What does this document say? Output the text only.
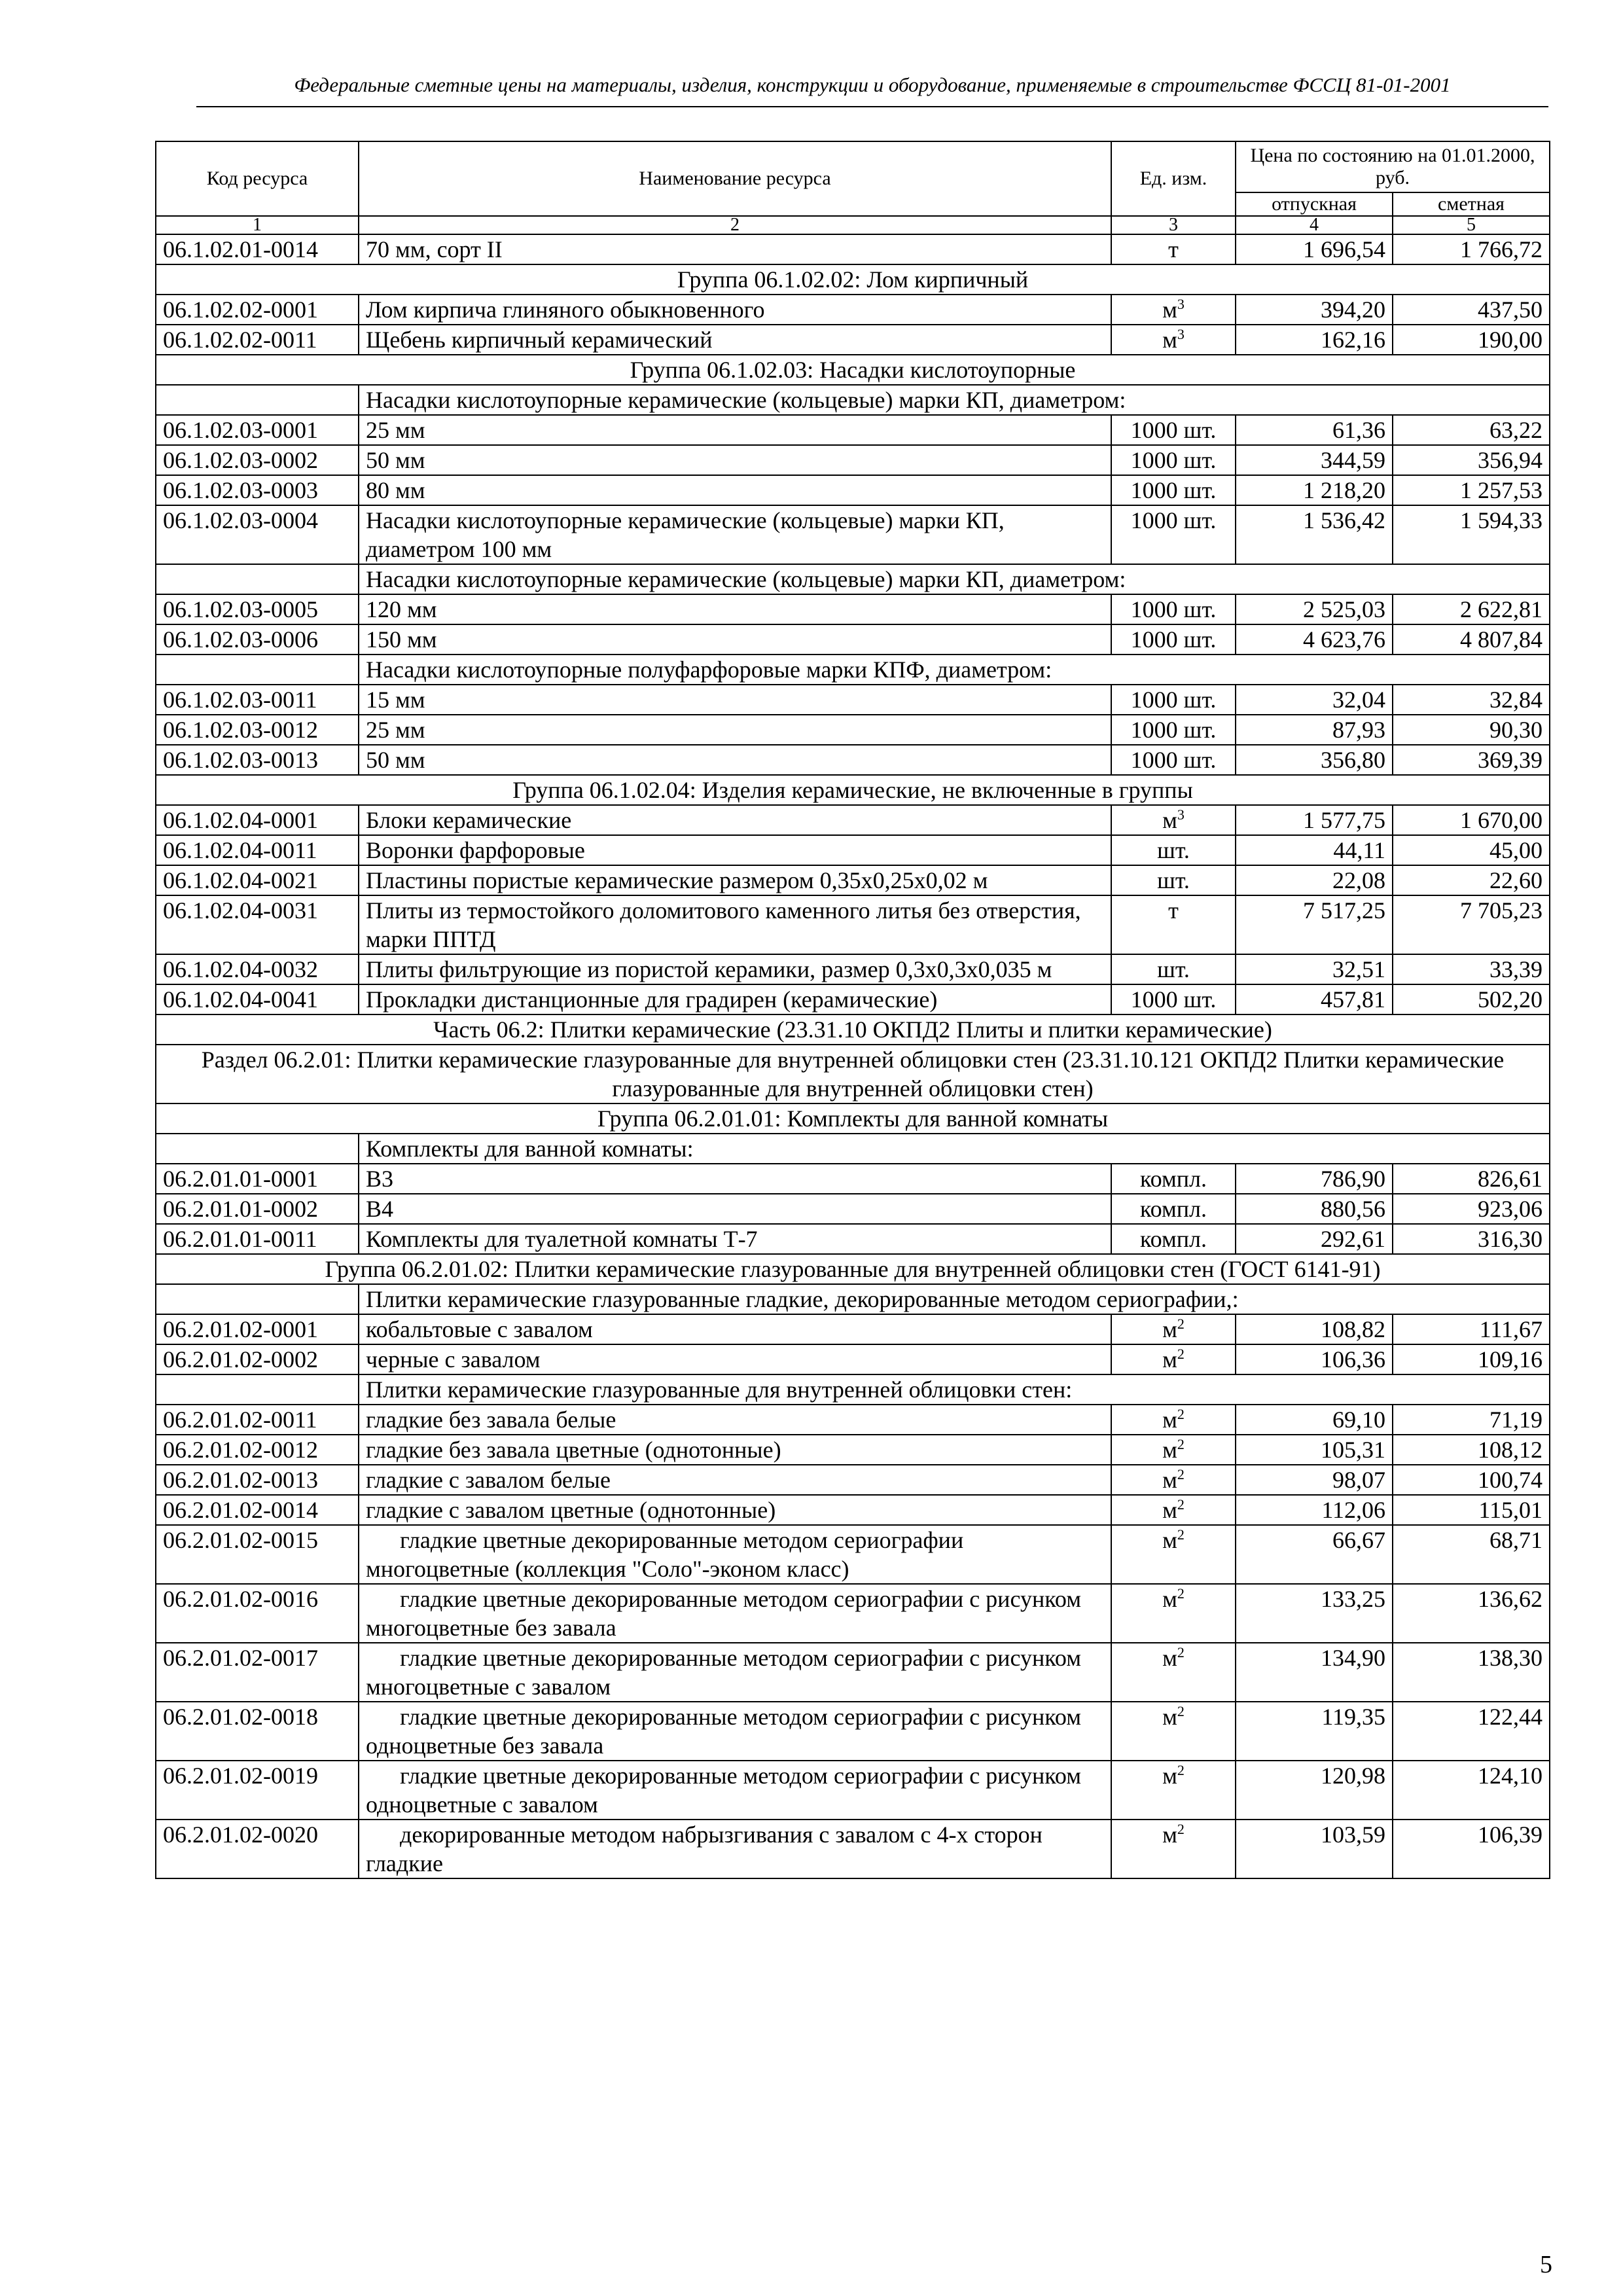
Федеральные сметные цены на материалы, изделия, конструкции и оборудование, применяемые в строительстве ФССЦ 81-01-2001
Код ресурса	Наименование ресурса	Ед. изм.	Цена по состоянию на 01.01.2000, руб.	
			отпускная	сметная
1	2	3	4	5
06.1.02.01-0014	70 мм, сорт II	т	1 696,54	1 766,72
Группа 06.1.02.02: Лом кирпичный				
06.1.02.02-0001	Лом кирпича глиняного обыкновенного	$м^3$	394,20	437,50
06.1.02.02-0011	Щебень кирпичный керамический	$м^3$	162,16	190,00
Группа 06.1.02.03: Насадки кислотоупорные				
	Насадки кислотоупорные керамические (кольцевые) марки КП, диаметром:			
06.1.02.03-0001	25 мм	1000 шт.	61,36	63,22
06.1.02.03-0002	50 мм	1000 шт.	344,59	356,94
06.1.02.03-0003	80 мм	1000 шт.	1 218,20	1 257,53
06.1.02.03-0004	Насадки кислотоупорные керамические (кольцевые) марки КП, диаметром 100 мм	1000 шт.	1 536,42	1 594,33
	Насадки кислотоупорные керамические (кольцевые) марки КП, диаметром:			
06.1.02.03-0005	120 мм	1000 шт.	2 525,03	2 622,81
06.1.02.03-0006	150 мм	1000 шт.	4 623,76	4 807,84
	Насадки кислотоупорные полуфарфоровые марки КПФ, диаметром:			
06.1.02.03-0011	15 мм	1000 шт.	32,04	32,84
06.1.02.03-0012	25 мм	1000 шт.	87,93	90,30
06.1.02.03-0013	50 мм	1000 шт.	356,80	369,39
Группа 06.1.02.04: Изделия керамические, не включенные в группы				
06.1.02.04-0001	Блоки керамические	$м^3$	1 577,75	1 670,00
06.1.02.04-0011	Воронки фарфоровые	шт.	44,11	45,00
06.1.02.04-0021	Пластины пористые керамические размером 0,35x0,25x0,02 м	шт.	22,08	22,60
06.1.02.04-0031	Плиты из термостойкого доломитового каменного литья без отверстия, марки ППТД	т	7 517,25	7 705,23
06.1.02.04-0032	Плиты фильтрующие из пористой керамики, размер 0,3x0,3x0,035 м	шт.	32,51	33,39
06.1.02.04-0041	Прокладки дистанционные для градирен (керамические)	1000 шт.	457,81	502,20
Часть 06.2: Плитки керамические (23.31.10 ОКПД2 Плиты и плитки керамические)				
Раздел 06.2.01: Плитки керамические глазурованные для внутренней облицовки стен (23.31.10.121 ОКПД2 Плитки керамические глазурованные для внутренней облицовки стен)				
Группа 06.2.01.01: Комплекты для ванной комнаты				
	Комплекты для ванной комнаты:			
06.2.01.01-0001	В3	компл.	786,90	826,61
06.2.01.01-0002	В4	компл.	880,56	923,06
06.2.01.01-0011	Комплекты для туалетной комнаты Т-7	компл.	292,61	316,30
Группа 06.2.01.02: Плитки керамические глазурованные для внутренней облицовки стен (ГОСТ 6141-91)				
	Плитки керамические глазурованные гладкие, декорированные методом сериографии,:			
06.2.01.02-0001	кобальтовые с завалом	$м^2$	108,82	111,67
06.2.01.02-0002	черные с завалом	$м^2$	106,36	109,16
	Плитки керамические глазурованные для внутренней облицовки стен:			
06.2.01.02-0011	гладкие без завала белые	$м^2$	69,10	71,19
06.2.01.02-0012	гладкие без завала цветные (однотонные)	$м^2$	105,31	108,12
06.2.01.02-0013	гладкие с завалом белые	$м^2$	98,07	100,74
06.2.01.02-0014	гладкие с завалом цветные (однотонные)	$м^2$	112,06	115,01
06.2.01.02-0015	гладкие цветные декорированные методом сериографии многоцветные (коллекция "Соло"-эконом класс)	$м^2$	66,67	68,71
06.2.01.02-0016	гладкие цветные декорированные методом сериографии с рисунком многоцветные без завала	$м^2$	133,25	136,62
06.2.01.02-0017	гладкие цветные декорированные методом сериографии с рисунком многоцветные с завалом	$м^2$	134,90	138,30
06.2.01.02-0018	гладкие цветные декорированные методом сериографии с рисунком одноцветные без завала	$м^2$	119,35	122,44
06.2.01.02-0019	гладкие цветные декорированные методом сериографии с рисунком одноцветные с завалом	$м^2$	120,98	124,10
06.2.01.02-0020	декорированные методом набрызгивания с завалом с 4-х сторон гладкие	$м^2$	103,59	106,39
5
